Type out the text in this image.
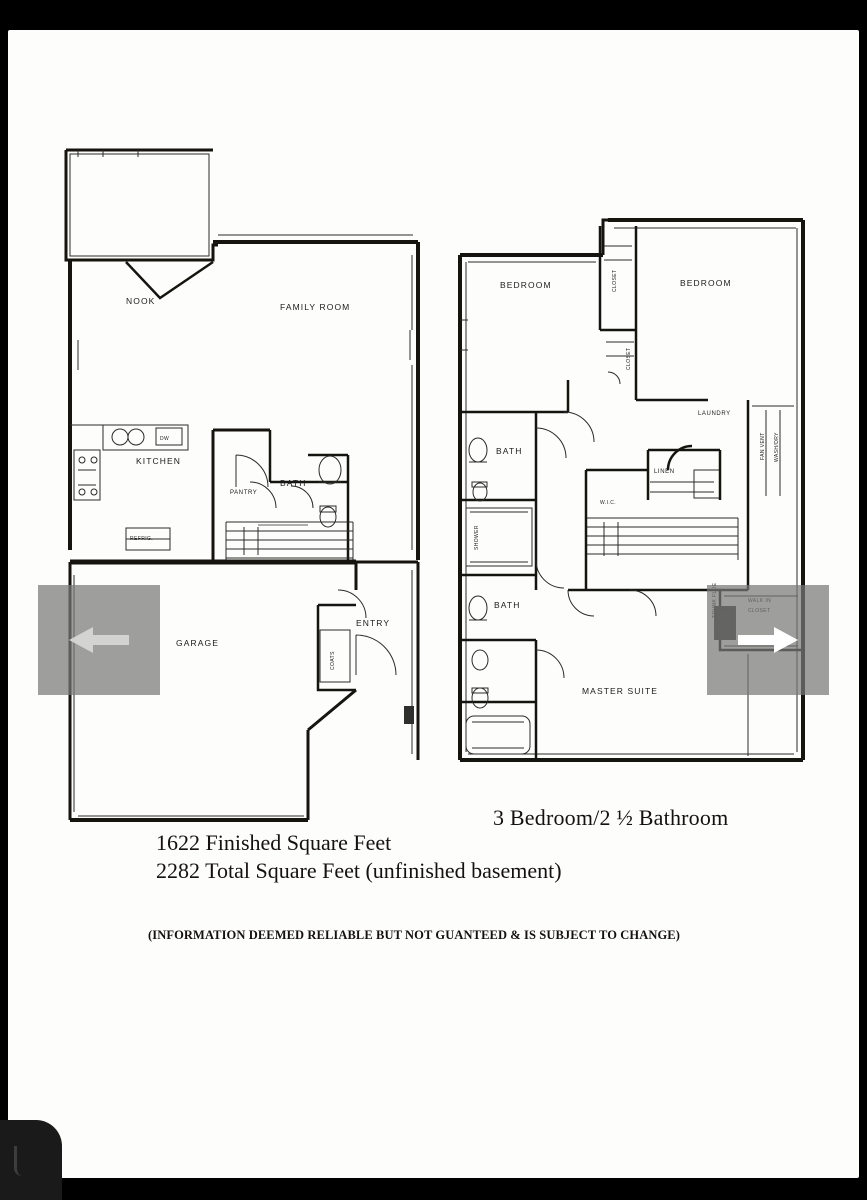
NOOK
FAMILY ROOM
KITCHEN
PANTRY
BATH
GARAGE
ENTRY
COATS
DW
REFRIG.
BEDROOM	BEDROOM
CLOSET
CLOSET
BATH
SHOWER
BATH
LINEN
LAUNDRY
FAN VENT WASH/DRY
MASTER SUITE
W.I.C.
3 Bedroom/2 ½ Bathroom
1622 Finished Square Feet
2282 Total Square Feet (unfinished basement)
(INFORMATION DEEMED RELIABLE BUT NOT GUANTEED & IS SUBJECT TO CHANGE)
